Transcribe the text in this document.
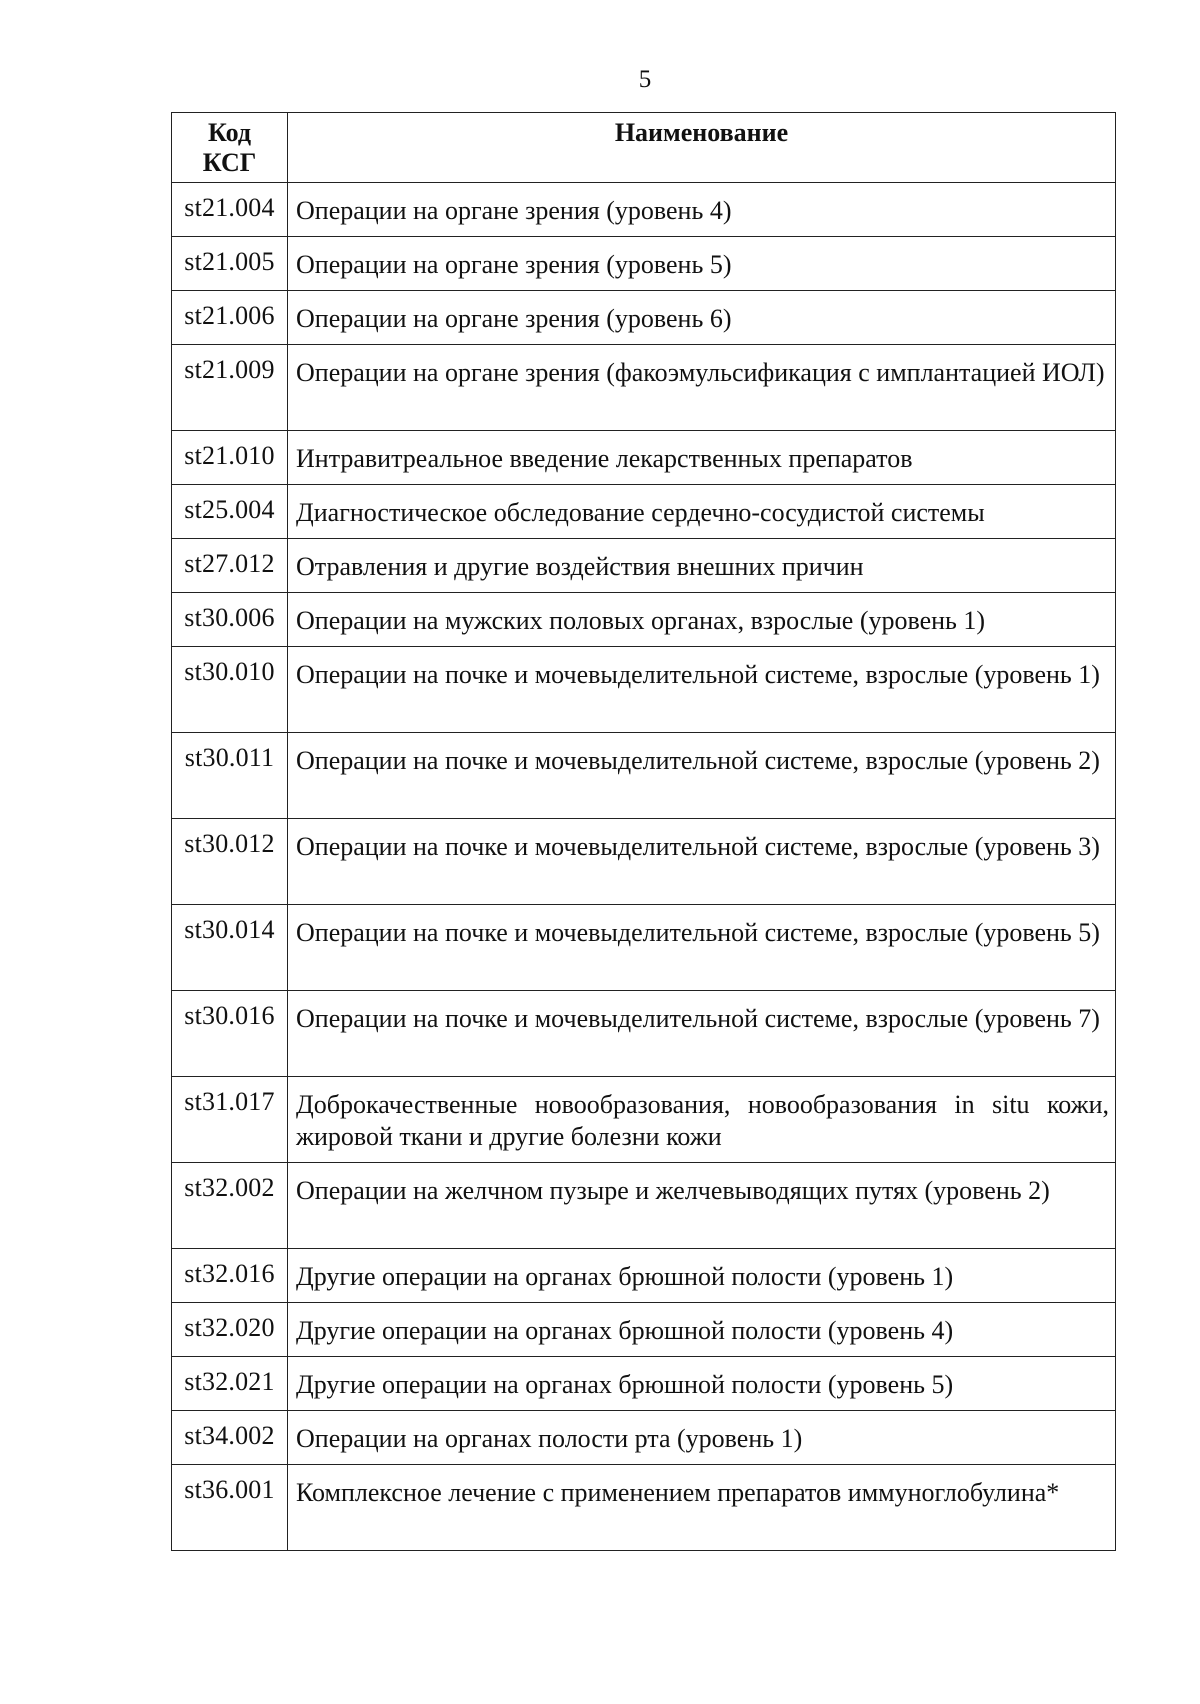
5
Код
КСГ	Наименование
st21.004	Операции на органе зрения (уровень 4)
st21.005	Операции на органе зрения (уровень 5)
st21.006	Операции на органе зрения (уровень 6)
st21.009	Операции на органе зрения (факоэмульсификация с имплантацией ИОЛ)
st21.010	Интравитреальное введение лекарственных препаратов
st25.004	Диагностическое обследование сердечно-сосудистой системы
st27.012	Отравления и другие воздействия внешних причин
st30.006	Операции на мужских половых органах, взрослые (уровень 1)
st30.010	Операции на почке и мочевыделительной системе, взрослые (уровень 1)
st30.011	Операции на почке и мочевыделительной системе, взрослые (уровень 2)
st30.012	Операции на почке и мочевыделительной системе, взрослые (уровень 3)
st30.014	Операции на почке и мочевыделительной системе, взрослые (уровень 5)
st30.016	Операции на почке и мочевыделительной системе, взрослые (уровень 7)
st31.017	Доброкачественные новообразования, новообразования in situ кожи, жировой ткани и другие болезни кожи
st32.002	Операции на желчном пузыре и желчевыводящих путях (уровень 2)
st32.016	Другие операции на органах брюшной полости (уровень 1)
st32.020	Другие операции на органах брюшной полости (уровень 4)
st32.021	Другие операции на органах брюшной полости (уровень 5)
st34.002	Операции на органах полости рта (уровень 1)
st36.001	Комплексное лечение с применением препаратов иммуноглобулина*
